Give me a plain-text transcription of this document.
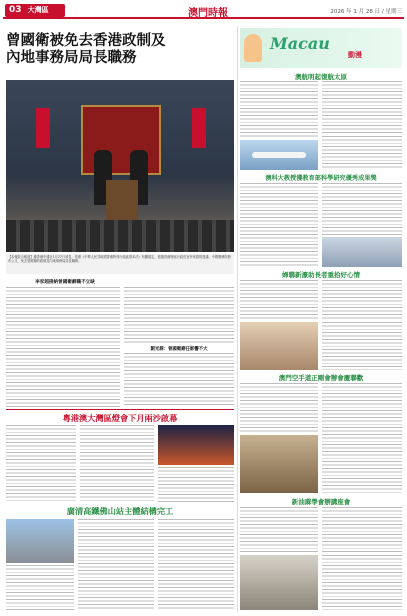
03 大灣區	澳門時報	2026 年 1 月 28 日 / 星期三
曾國衛被免去香港政制及
內地事務局局長職務
【本報綜合報道】據香港中通社1月27日消息，依照《中華人民共和國香港特別行政區基本法》有關規定，根據香港特區行政長官李家超的建議，中國國務院發布公文，免去曾國衛的政制及內地事務局局長職務。
李家超接納曾國衛辭職不立缺
劉光源：曾國衛辭任影響不大
Macau
動漫
澳航明起復航太原
澳科大教授獲教育部科學研究優秀成果獎
婦聯新濠助長者重拾好心情
澳門空手道正剛會辦會慶聯歡
新油蔴學會辦講座會
粵港澳大灣區燈會下月兩沙啟幕
廣清高鐵佛山站主體結構完工
